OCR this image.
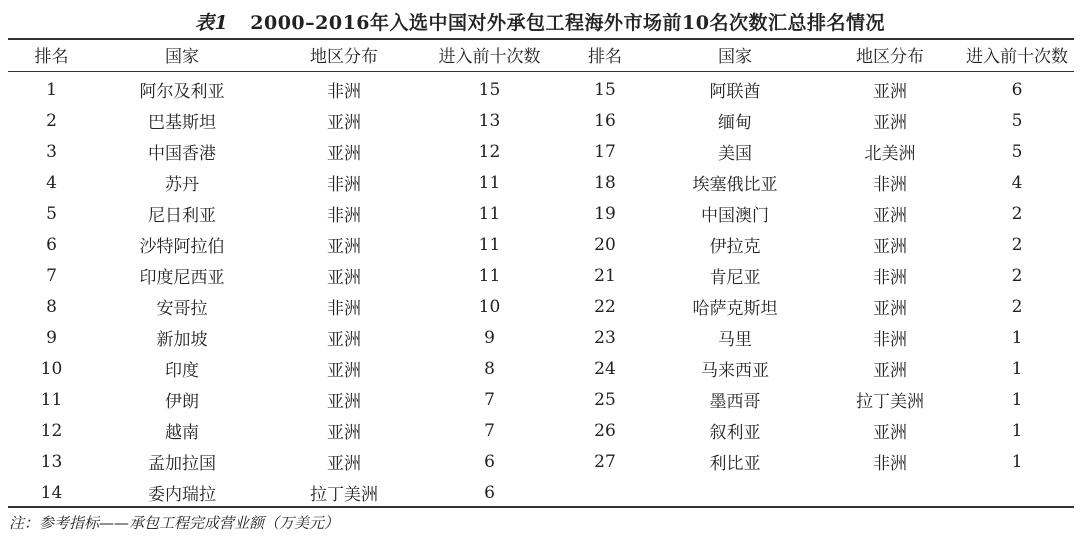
表1 2000–2016年入选中国对外承包工程海外市场前10名次数汇总排名情况
排名	国家	地区分布	进入前十次数	排名	国家	地区分布	进入前十次数
1	阿尔及利亚	非洲	15	15	阿联酋	亚洲	6
2	巴基斯坦	亚洲	13	16	缅甸	亚洲	5
3	中国香港	亚洲	12	17	美国	北美洲	5
4	苏丹	非洲	11	18	埃塞俄比亚	非洲	4
5	尼日利亚	非洲	11	19	中国澳门	亚洲	2
6	沙特阿拉伯	亚洲	11	20	伊拉克	亚洲	2
7	印度尼西亚	亚洲	11	21	肯尼亚	非洲	2
8	安哥拉	非洲	10	22	哈萨克斯坦	亚洲	2
9	新加坡	亚洲	9	23	马里	非洲	1
10	印度	亚洲	8	24	马来西亚	亚洲	1
11	伊朗	亚洲	7	25	墨西哥	拉丁美洲	1
12	越南	亚洲	7	26	叙利亚	亚洲	1
13	孟加拉国	亚洲	6	27	利比亚	非洲	1
14	委内瑞拉	拉丁美洲	6				
注：参考指标——承包工程完成营业额（万美元）
